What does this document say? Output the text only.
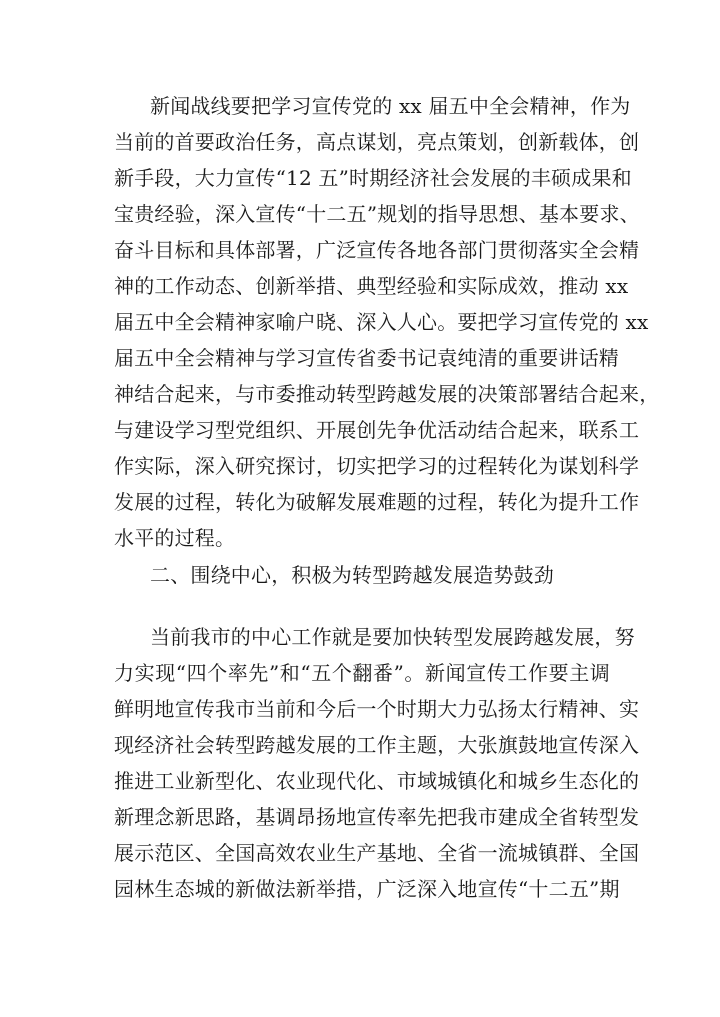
新闻战线要把学习宣传党的 xx 届五中全会精神，作为
当前的首要政治任务，高点谋划，亮点策划，创新载体，创
新手段，大力宣传“12 五”时期经济社会发展的丰硕成果和
宝贵经验，深入宣传“十二五”规划的指导思想、基本要求、
奋斗目标和具体部署，广泛宣传各地各部门贯彻落实全会精
神的工作动态、创新举措、典型经验和实际成效，推动 xx
届五中全会精神家喻户晓、深入人心。要把学习宣传党的 xx
届五中全会精神与学习宣传省委书记袁纯清的重要讲话精
神结合起来，与市委推动转型跨越发展的决策部署结合起来，
与建设学习型党组织、开展创先争优活动结合起来，联系工
作实际，深入研究探讨，切实把学习的过程转化为谋划科学
发展的过程，转化为破解发展难题的过程，转化为提升工作
水平的过程。
二、围绕中心，积极为转型跨越发展造势鼓劲
当前我市的中心工作就是要加快转型发展跨越发展，努
力实现“四个率先”和“五个翻番”。新闻宣传工作要主调
鲜明地宣传我市当前和今后一个时期大力弘扬太行精神、实
现经济社会转型跨越发展的工作主题，大张旗鼓地宣传深入
推进工业新型化、农业现代化、市域城镇化和城乡生态化的
新理念新思路，基调昂扬地宣传率先把我市建成全省转型发
展示范区、全国高效农业生产基地、全省一流城镇群、全国
园林生态城的新做法新举措，广泛深入地宣传“十二五”期
